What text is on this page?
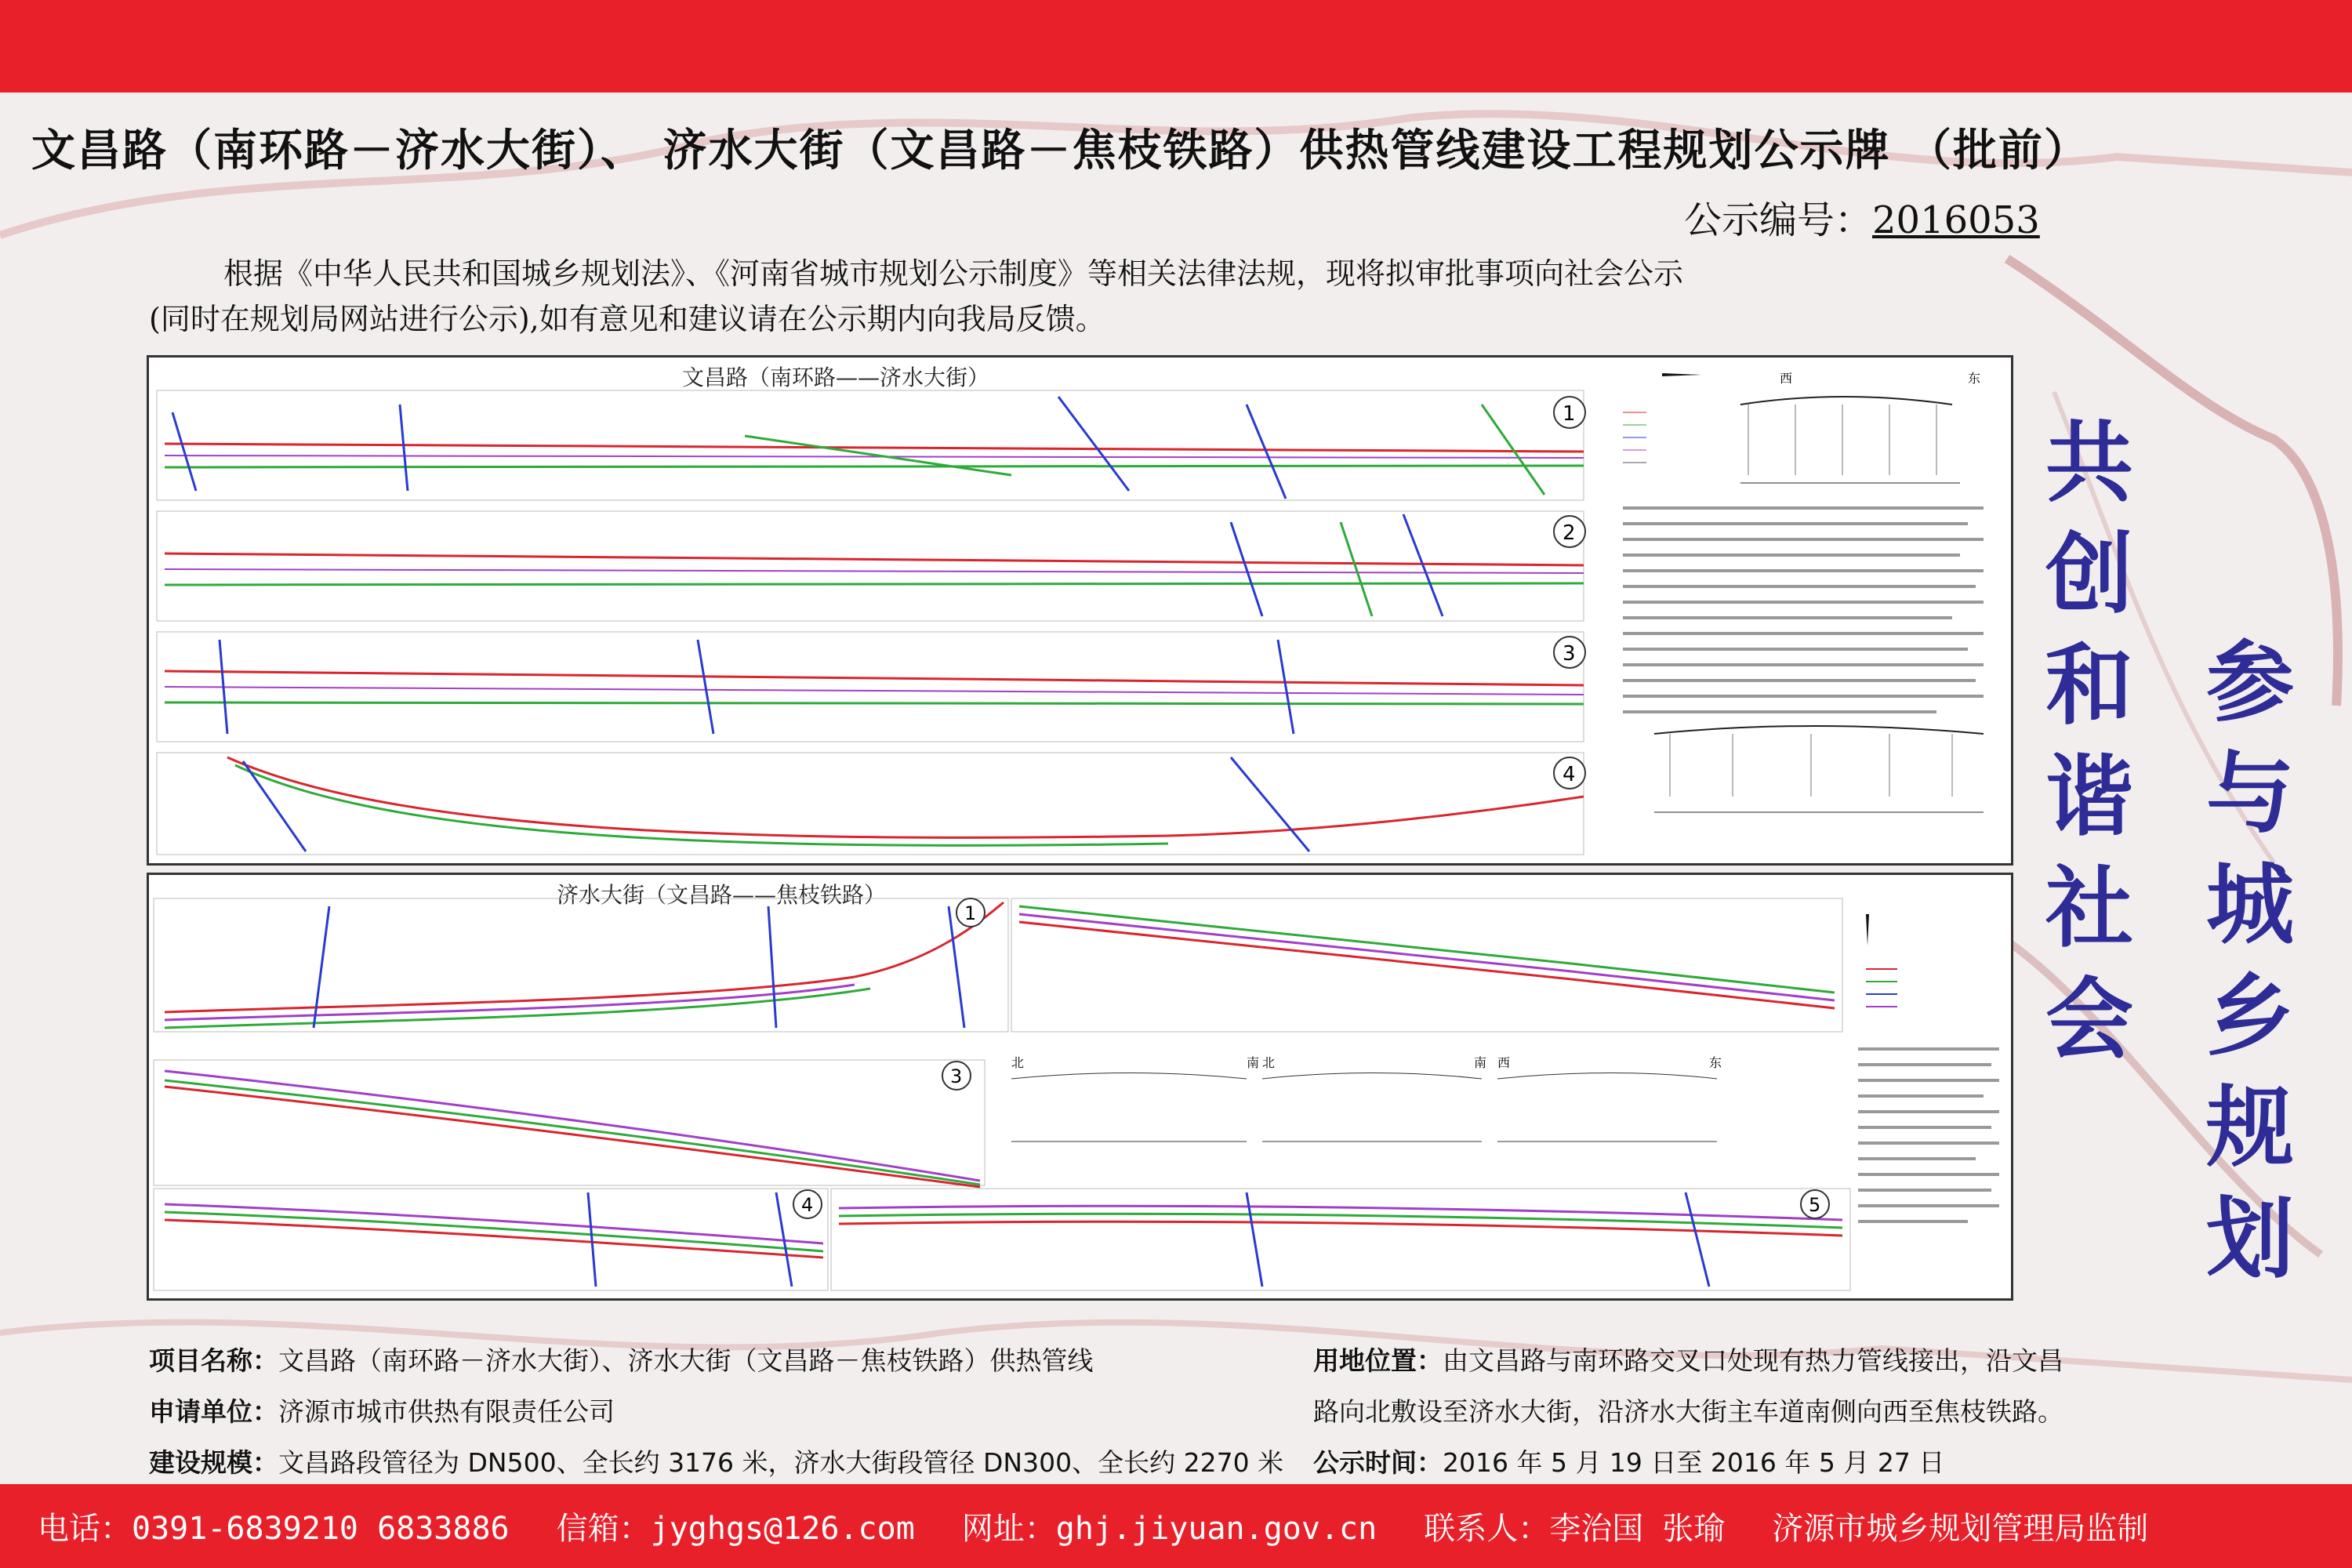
文昌路（南环路－济水大街）、 济水大街（文昌路－焦枝铁路）供热管线建设工程规划公示牌 （批前）
公示编号：2016053
根据《中华人民共和国城乡规划法》、《河南省城市规划公示制度》等相关法律法规，现将拟审批事项向社会公示
(同时在规划局网站进行公示),如有意见和建议请在公示期内向我局反馈。
文昌路（南环路——济水大街）
1
2
3
4
西	东
济水大街（文昌路——焦枝铁路）
北	南 北	南 西	东
1
3
4	5
共创和谐社会
参与城乡规划
项目名称：文昌路（南环路－济水大街）、济水大街（文昌路－焦枝铁路）供热管线
申请单位：济源市城市供热有限责任公司
建设规模：文昌路段管径为 DN500、全长约 3176 米，济水大街段管径 DN300、全长约 2270 米
用地位置：由文昌路与南环路交叉口处现有热力管线接出，沿文昌
路向北敷设至济水大街，沿济水大街主车道南侧向西至焦枝铁路。
公示时间：2016 年 5 月 19 日至 2016 年 5 月 27 日
电话：0391-6839210 6833886 信箱：jyghgs@126.com 网址：ghj.jiyuan.gov.cn 联系人：李治国 张瑜 济源市城乡规划管理局监制
